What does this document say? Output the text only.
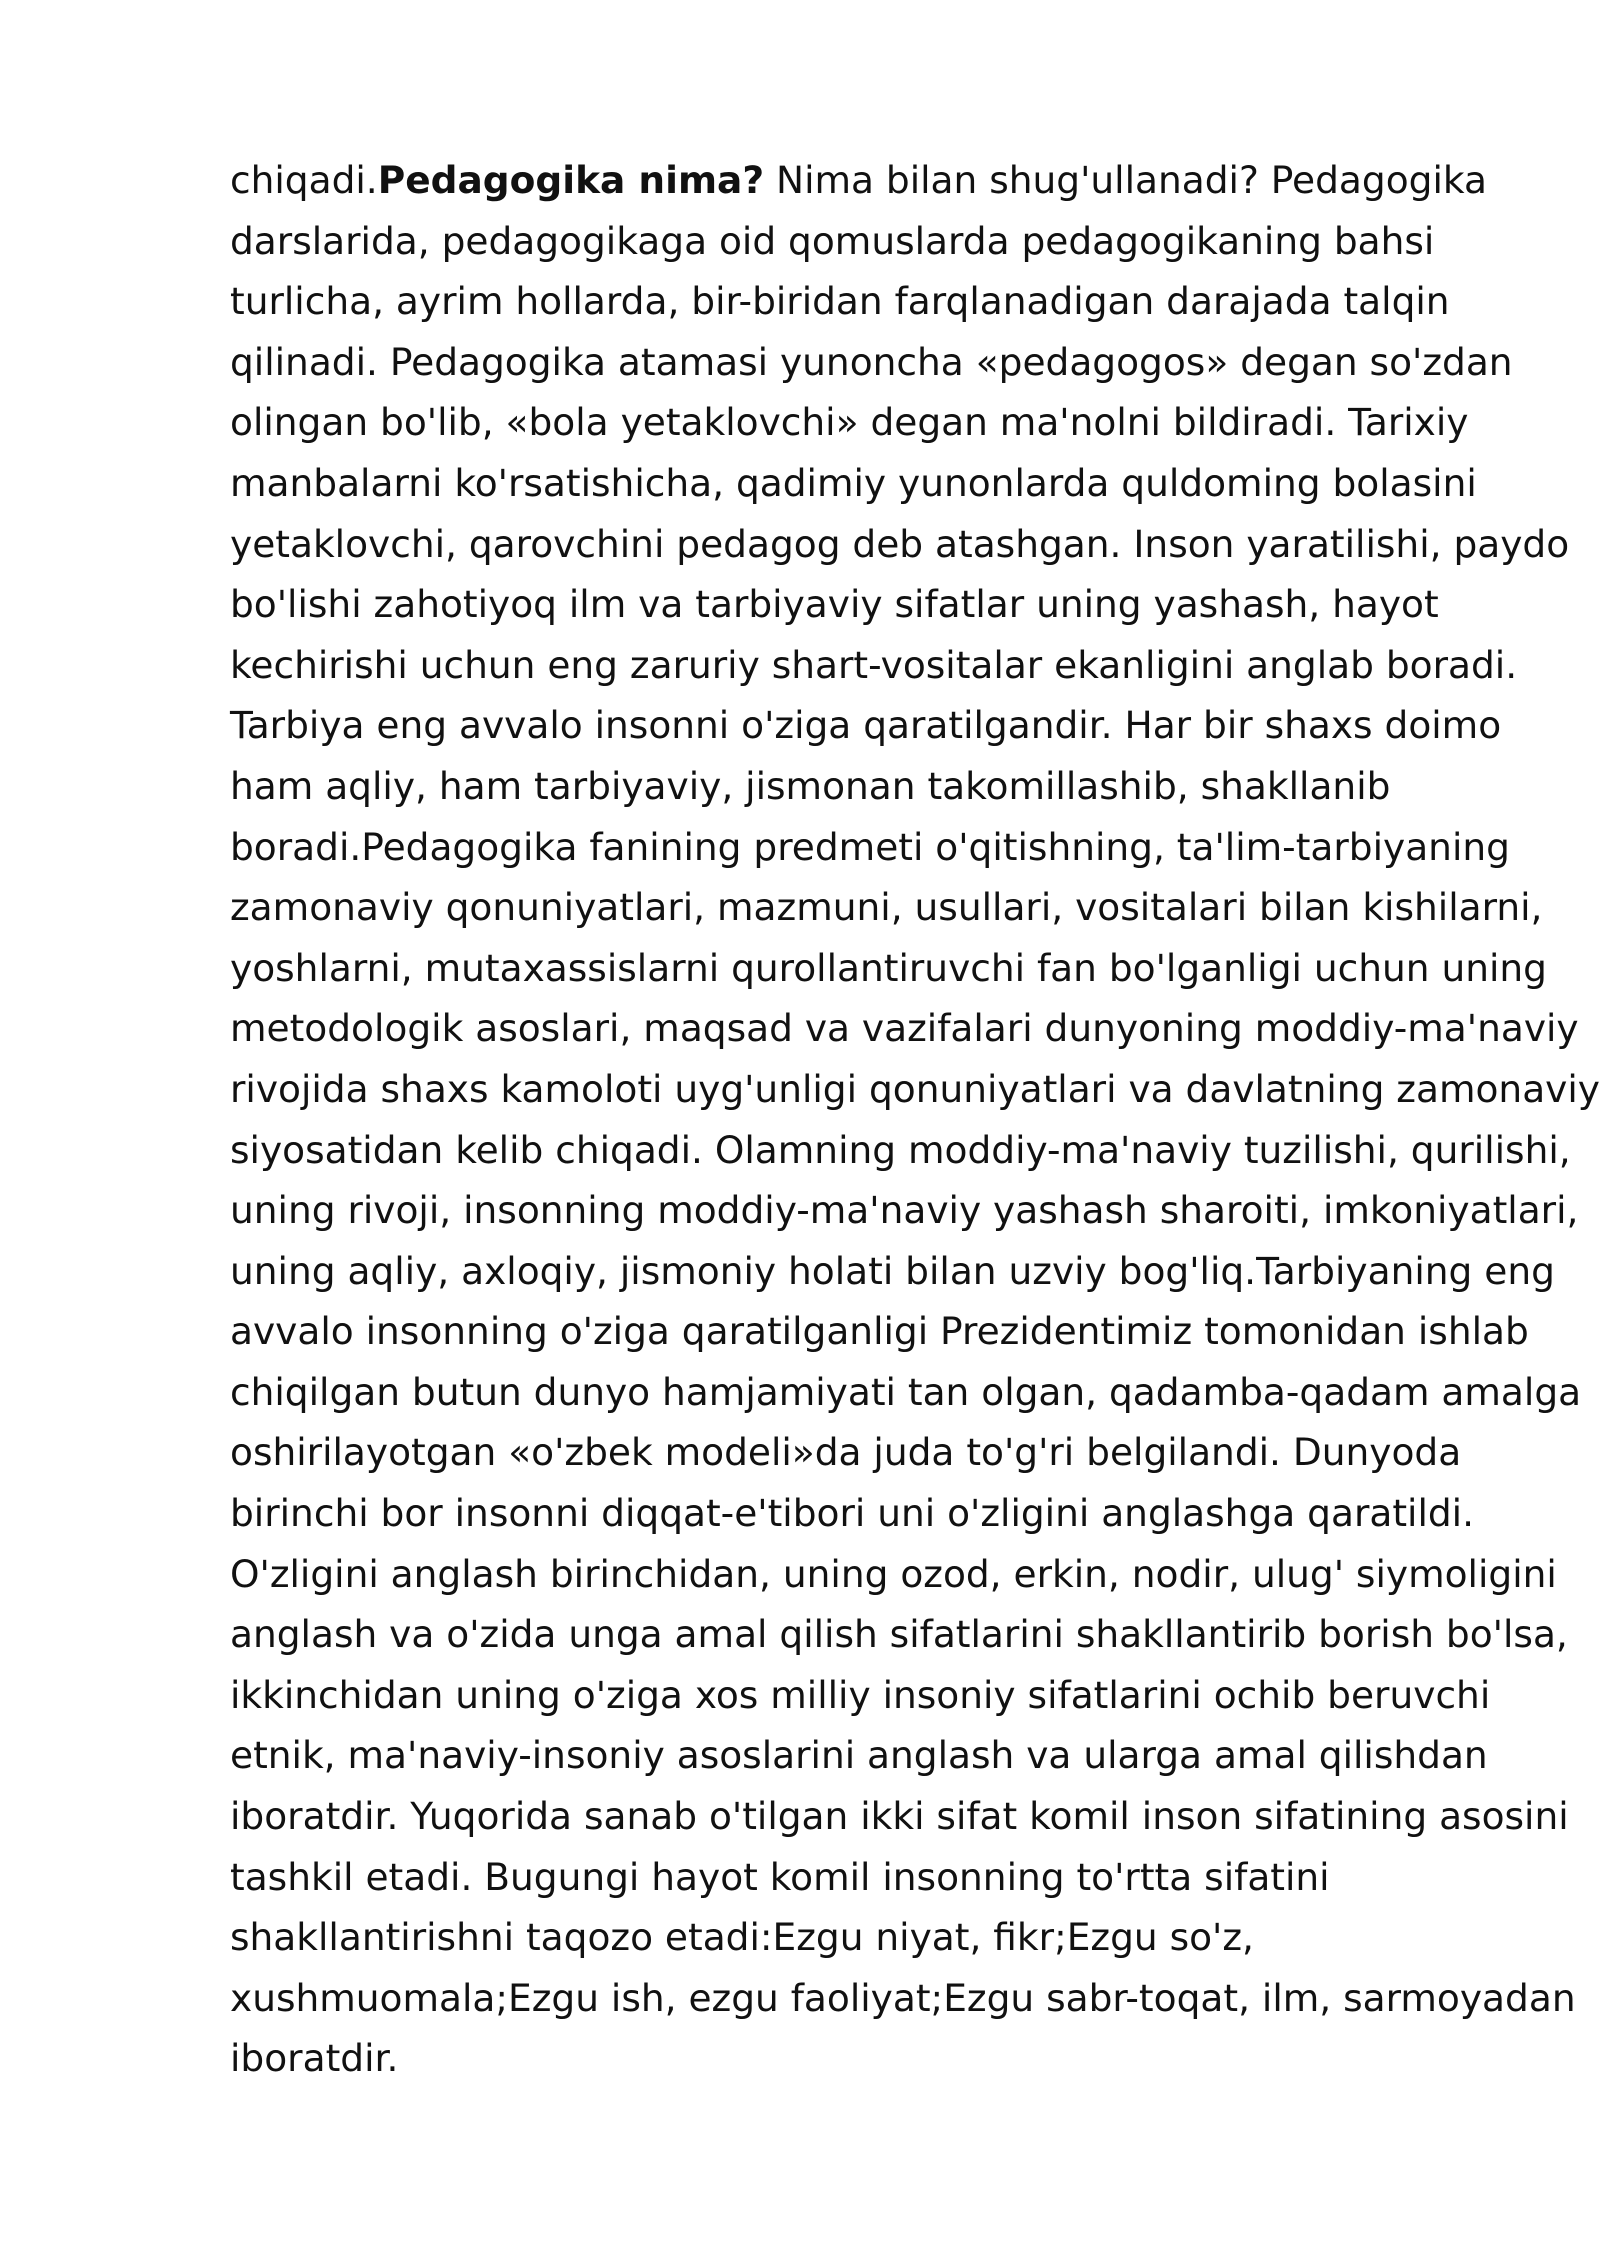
chiqadi.Pedagogika nima? Nima bilan shug'ullanadi? Pedagogika
darslarida, pedagogikaga oid qomuslarda pedagogikaning bahsi
turlicha, ayrim hollarda, bir-biridan farqlanadigan darajada talqin
qilinadi. Pedagogika atamasi yunoncha «pedagogos» degan so'zdan
olingan bo'lib, «bola yetaklovchi» degan ma'nolni bildiradi. Tarixiy
manbalarni ko'rsatishicha, qadimiy yunonlarda quldoming bolasini
yetaklovchi, qarovchini pedagog deb atashgan. Inson yaratilishi, paydo
bo'lishi zahotiyoq ilm va tarbiyaviy sifatlar uning yashash, hayot
kechirishi uchun eng zaruriy shart-vositalar ekanligini anglab boradi.
Tarbiya eng avvalo insonni o'ziga qaratilgandir. Har bir shaxs doimo
ham aqliy, ham tarbiyaviy, jismonan takomillashib, shakllanib
boradi.Pedagogika fanining predmeti o'qitishning, ta'lim-tarbiyaning
zamonaviy qonuniyatlari, mazmuni, usullari, vositalari bilan kishilarni,
yoshlarni, mutaxassislarni qurollantiruvchi fan bo'lganligi uchun uning
metodologik asoslari, maqsad va vazifalari dunyoning moddiy-ma'naviy
rivojida shaxs kamoloti uyg'unligi qonuniyatlari va davlatning zamonaviy
siyosatidan kelib chiqadi. Olamning moddiy-ma'naviy tuzilishi, qurilishi,
uning rivoji, insonning moddiy-ma'naviy yashash sharoiti, imkoniyatlari,
uning aqliy, axloqiy, jismoniy holati bilan uzviy bog'liq.Tarbiyaning eng
avvalo insonning o'ziga qaratilganligi Prezidentimiz tomonidan ishlab
chiqilgan butun dunyo hamjamiyati tan olgan, qadamba-qadam amalga
oshirilayotgan «o'zbek modeli»da juda to'g'ri belgilandi. Dunyoda
birinchi bor insonni diqqat-e'tibori uni o'zligini anglashga qaratildi.
O'zligini anglash birinchidan, uning ozod, erkin, nodir, ulug' siymoligini
anglash va o'zida unga amal qilish sifatlarini shakllantirib borish bo'lsa,
ikkinchidan uning o'ziga xos milliy insoniy sifatlarini ochib beruvchi
etnik, ma'naviy-insoniy asoslarini anglash va ularga amal qilishdan
iboratdir. Yuqorida sanab o'tilgan ikki sifat komil inson sifatining asosini
tashkil etadi. Bugungi hayot komil insonning to'rtta sifatini
shakllantirishni taqozo etadi:Ezgu niyat, fikr;Ezgu so'z,
xushmuomala;Ezgu ish, ezgu faoliyat;Ezgu sabr-toqat, ilm, sarmoyadan
iboratdir.
